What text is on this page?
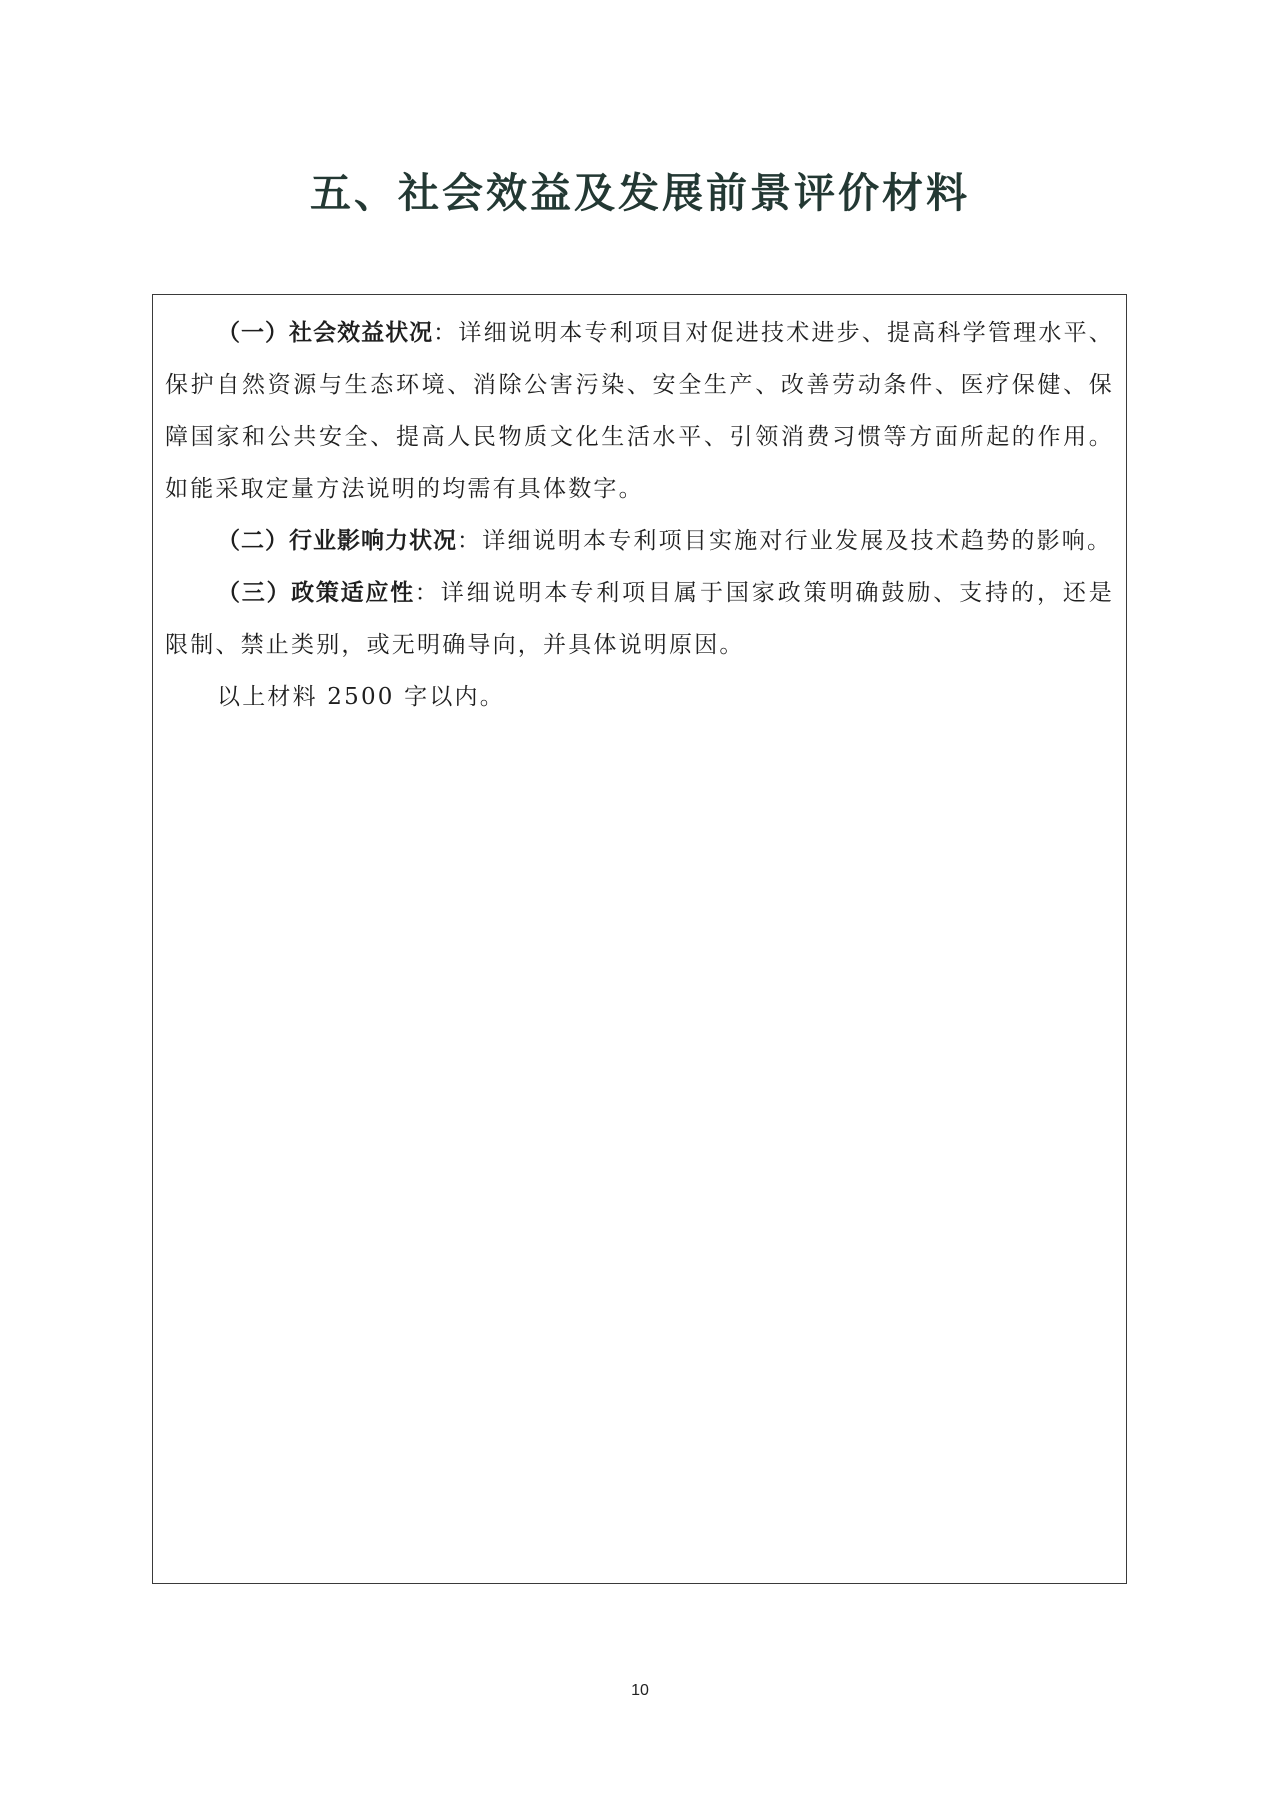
五、社会效益及发展前景评价材料

（一）社会效益状况：详细说明本专利项目对促进技术进步、提高科学管理水平、保护自然资源与生态环境、消除公害污染、安全生产、改善劳动条件、医疗保健、保障国家和公共安全、提高人民物质文化生活水平、引领消费习惯等方面所起的作用。如能采取定量方法说明的均需有具体数字。

（二）行业影响力状况：详细说明本专利项目实施对行业发展及技术趋势的影响。

（三）政策适应性：详细说明本专利项目属于国家政策明确鼓励、支持的，还是限制、禁止类别，或无明确导向，并具体说明原因。

以上材料 2500 字以内。

10
